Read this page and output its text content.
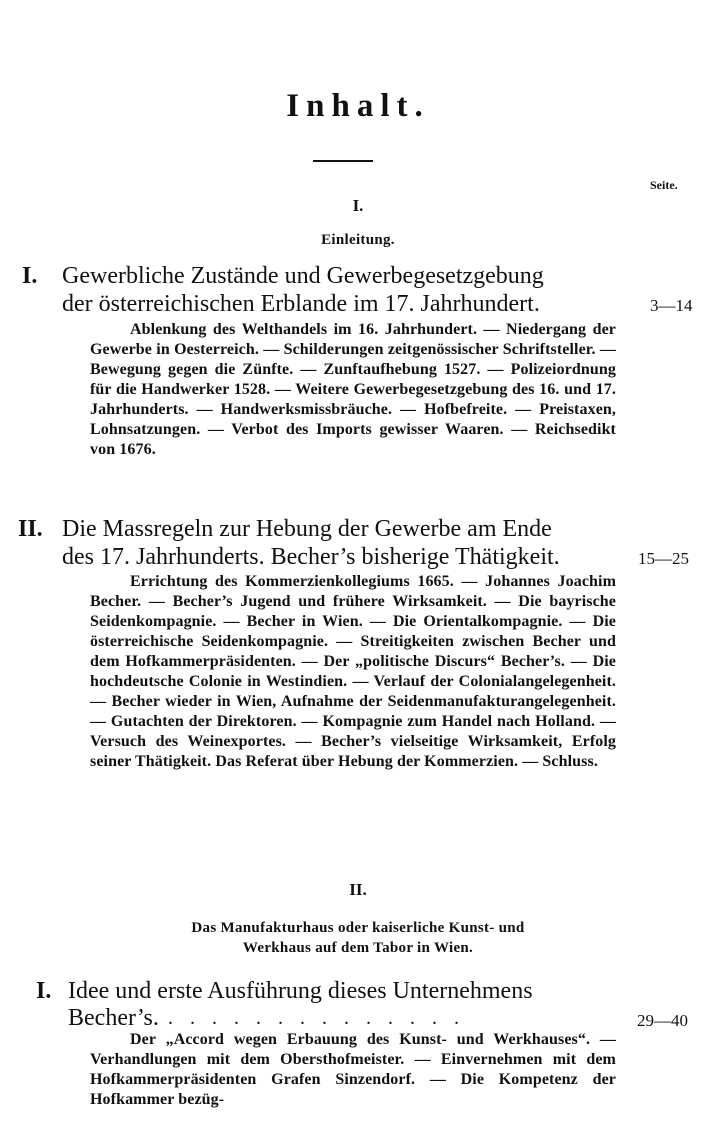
Inhalt.
Seite.
I.
Einleitung.
I. Gewerbliche Zustände und Gewerbegesetzgebung
der österreichischen Erblande im 17. Jahrhundert.	3—14
Ablenkung des Welthandels im 16. Jahrhundert. — Niedergang der Gewerbe in Oesterreich. — Schilderungen zeitgenössischer Schriftsteller. — Bewegung gegen die Zünfte. — Zunftaufhebung 1527. — Polizeiordnung für die Handwerker 1528. — Weitere Gewerbegesetzgebung des 16. und 17. Jahrhunderts. — Handwerksmissbräuche. — Hofbefreite. — Preistaxen, Lohnsatzungen. — Verbot des Imports gewisser Waaren. — Reichsedikt von 1676.
II. Die Massregeln zur Hebung der Gewerbe am Ende
des 17. Jahrhunderts. Becher’s bisherige Thätigkeit.	15—25
Errichtung des Kommerzienkollegiums 1665. — Johannes Joachim Becher. — Becher’s Jugend und frühere Wirksamkeit. — Die bayrische Seidenkompagnie. — Becher in Wien. — Die Orientalkompagnie. — Die österreichische Seidenkompagnie. — Streitigkeiten zwischen Becher und dem Hofkammerpräsidenten. — Der „politische Discurs“ Becher’s. — Die hochdeutsche Colonie in Westindien. — Verlauf der Colonialangelegenheit. — Becher wieder in Wien, Aufnahme der Seidenmanufakturangelegenheit. — Gutachten der Direktoren. — Kompagnie zum Handel nach Holland. — Versuch des Weinexportes. — Becher’s vielseitige Wirksamkeit, Erfolg seiner Thätigkeit. Das Referat über Hebung der Kommerzien. — Schluss.
II.
Das Manufakturhaus oder kaiserliche Kunst- und
Werkhaus auf dem Tabor in Wien.
I. Idee und erste Ausführung dieses Unternehmens
Becher’s. . . . . . . . . . . . . . .	29—40
Der „Accord wegen Erbauung des Kunst- und Werkhauses“. — Verhandlungen mit dem Obersthofmeister. — Einvernehmen mit dem Hofkammerpräsidenten Grafen Sinzendorf. — Die Kompetenz der Hofkammer bezüg-
